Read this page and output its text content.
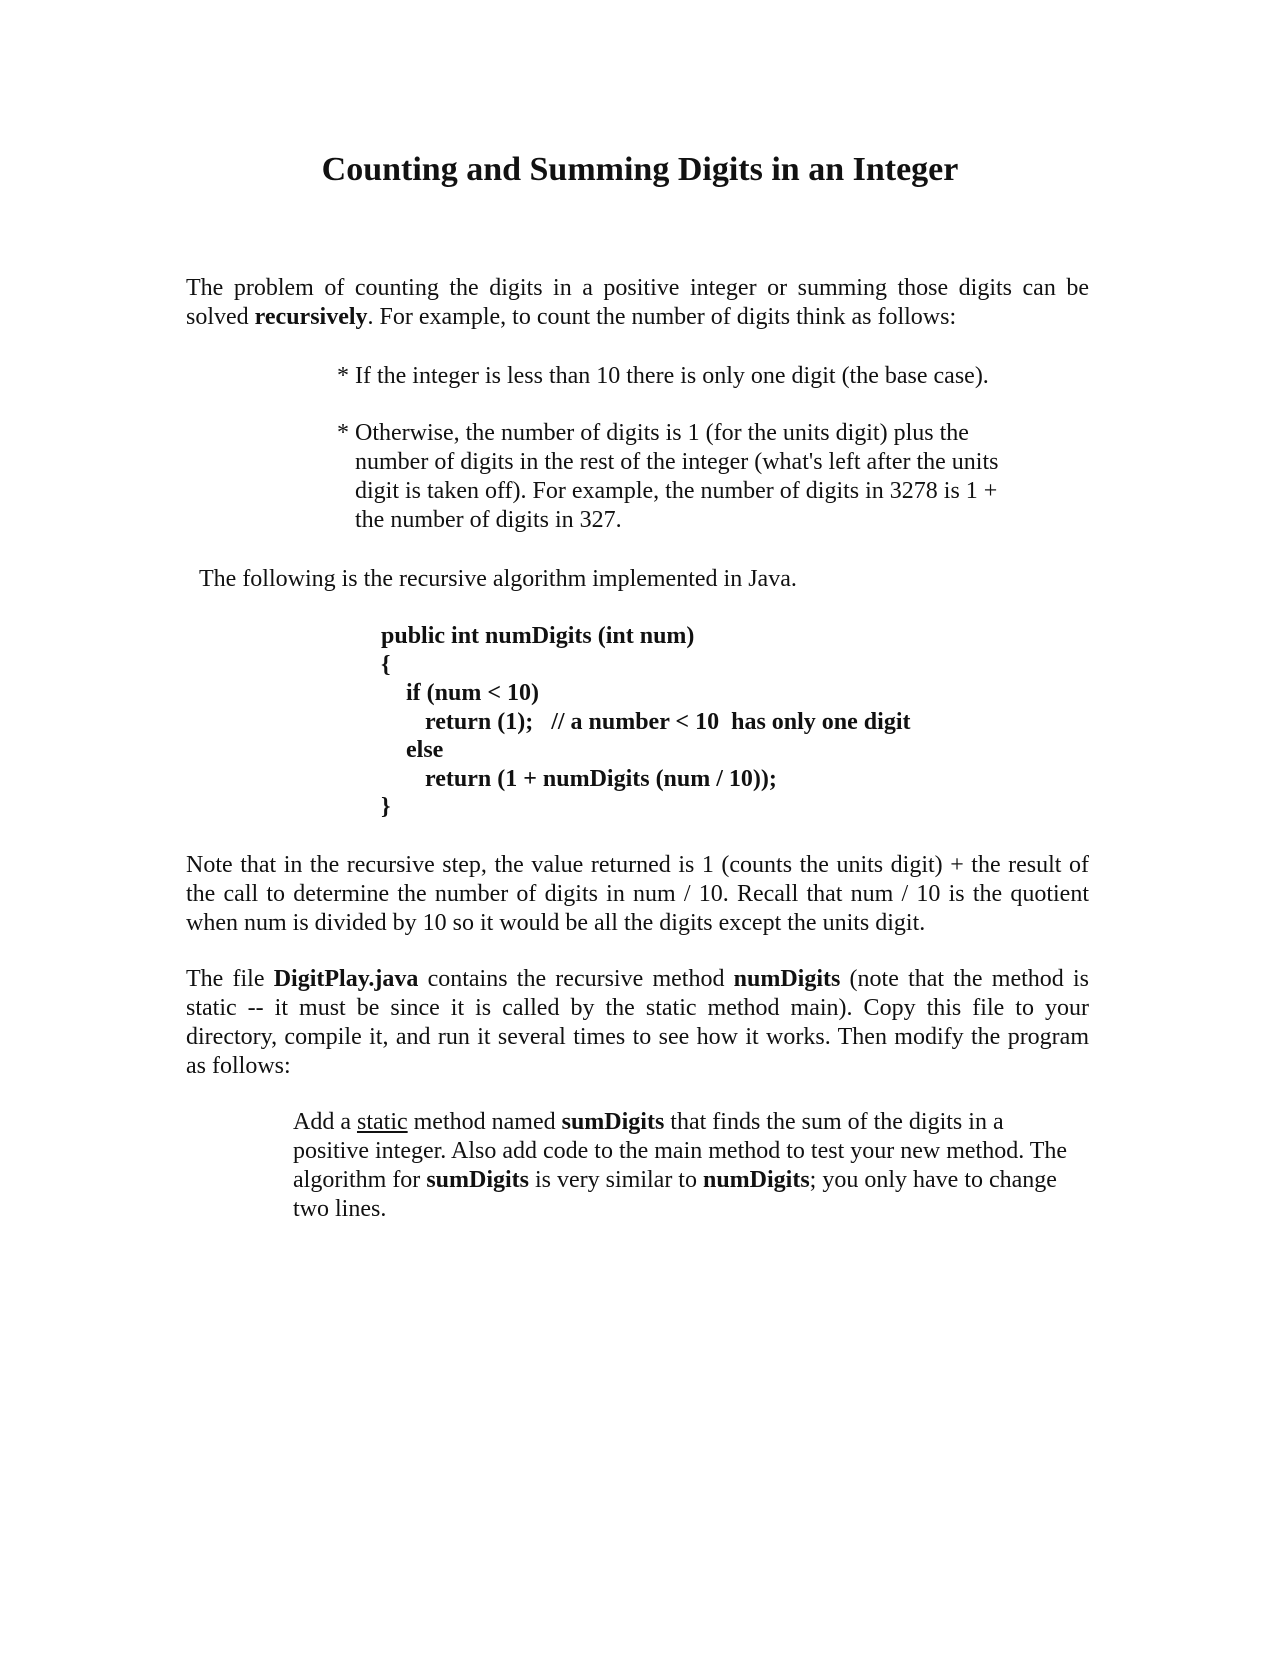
Counting and Summing Digits in an Integer
The problem of counting the digits in a positive integer or summing those digits can be solved recursively. For example, to count the number of digits think as follows:
* If the integer is less than 10 there is only one digit (the base case).
* Otherwise, the number of digits is 1 (for the units digit) plus the number of digits in the rest of the integer (what's left after the units digit is taken off). For example, the number of digits in 3278 is 1 + the number of digits in 327.
The following is the recursive algorithm implemented in Java.
public int numDigits (int num)
{
if (num < 10)
return (1);   // a number < 10  has only one digit
else
return (1 + numDigits (num / 10));
}
Note that in the recursive step, the value returned is 1 (counts the units digit) + the result of the call to determine the number of digits in num / 10. Recall that num / 10 is the quotient when num is divided by 10 so it would be all the digits except the units digit.
The file DigitPlay.java contains the recursive method numDigits (note that the method is static -- it must be since it is called by the static method main). Copy this file to your directory, compile it, and run it several times to see how it works. Then modify the program as follows:
Add a static method named sumDigits that finds the sum of the digits in a positive integer. Also add code to the main method to test your new method. The algorithm for sumDigits is very similar to numDigits; you only have to change two lines.
